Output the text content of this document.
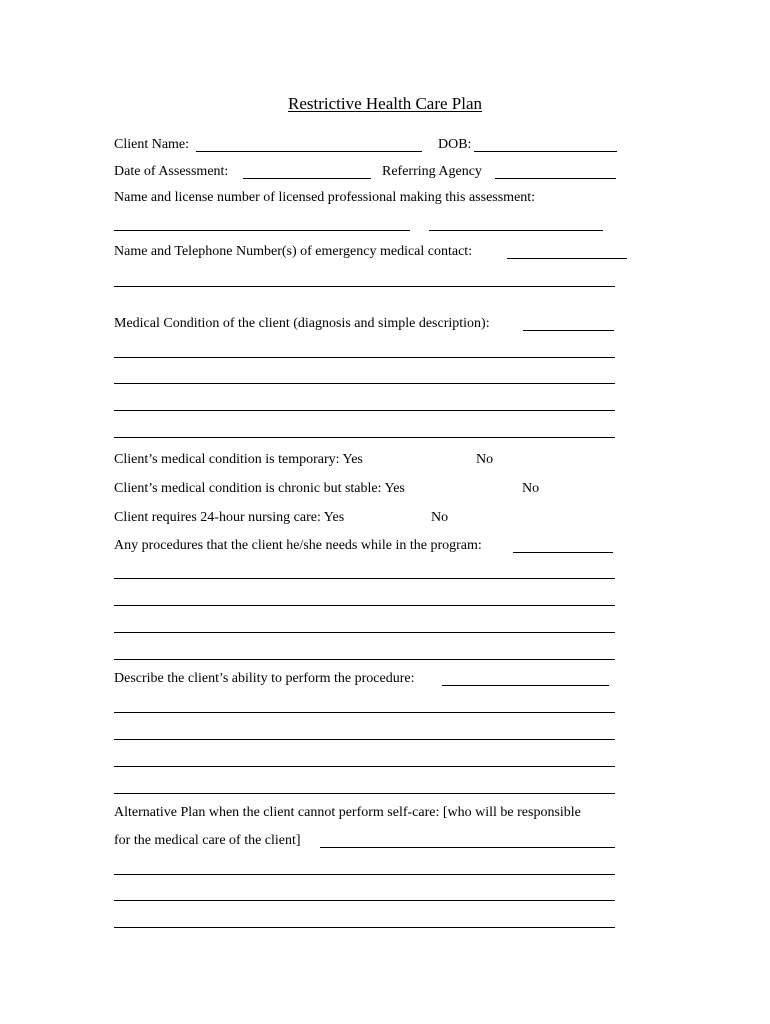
Restrictive Health Care Plan
Client Name:	DOB:
Date of Assessment:	Referring Agency
Name and license number of licensed professional making this assessment:
Name and Telephone Number(s) of emergency medical contact:
Medical Condition of the client (diagnosis and simple description):
Client’s medical condition is temporary: Yes	No
Client’s medical condition is chronic but stable: Yes	No
Client requires 24-hour nursing care: Yes	No
Any procedures that the client he/she needs while in the program:
Describe the client’s ability to perform the procedure:
Alternative Plan when the client cannot perform self-care: [who will be responsible
for the medical care of the client]
